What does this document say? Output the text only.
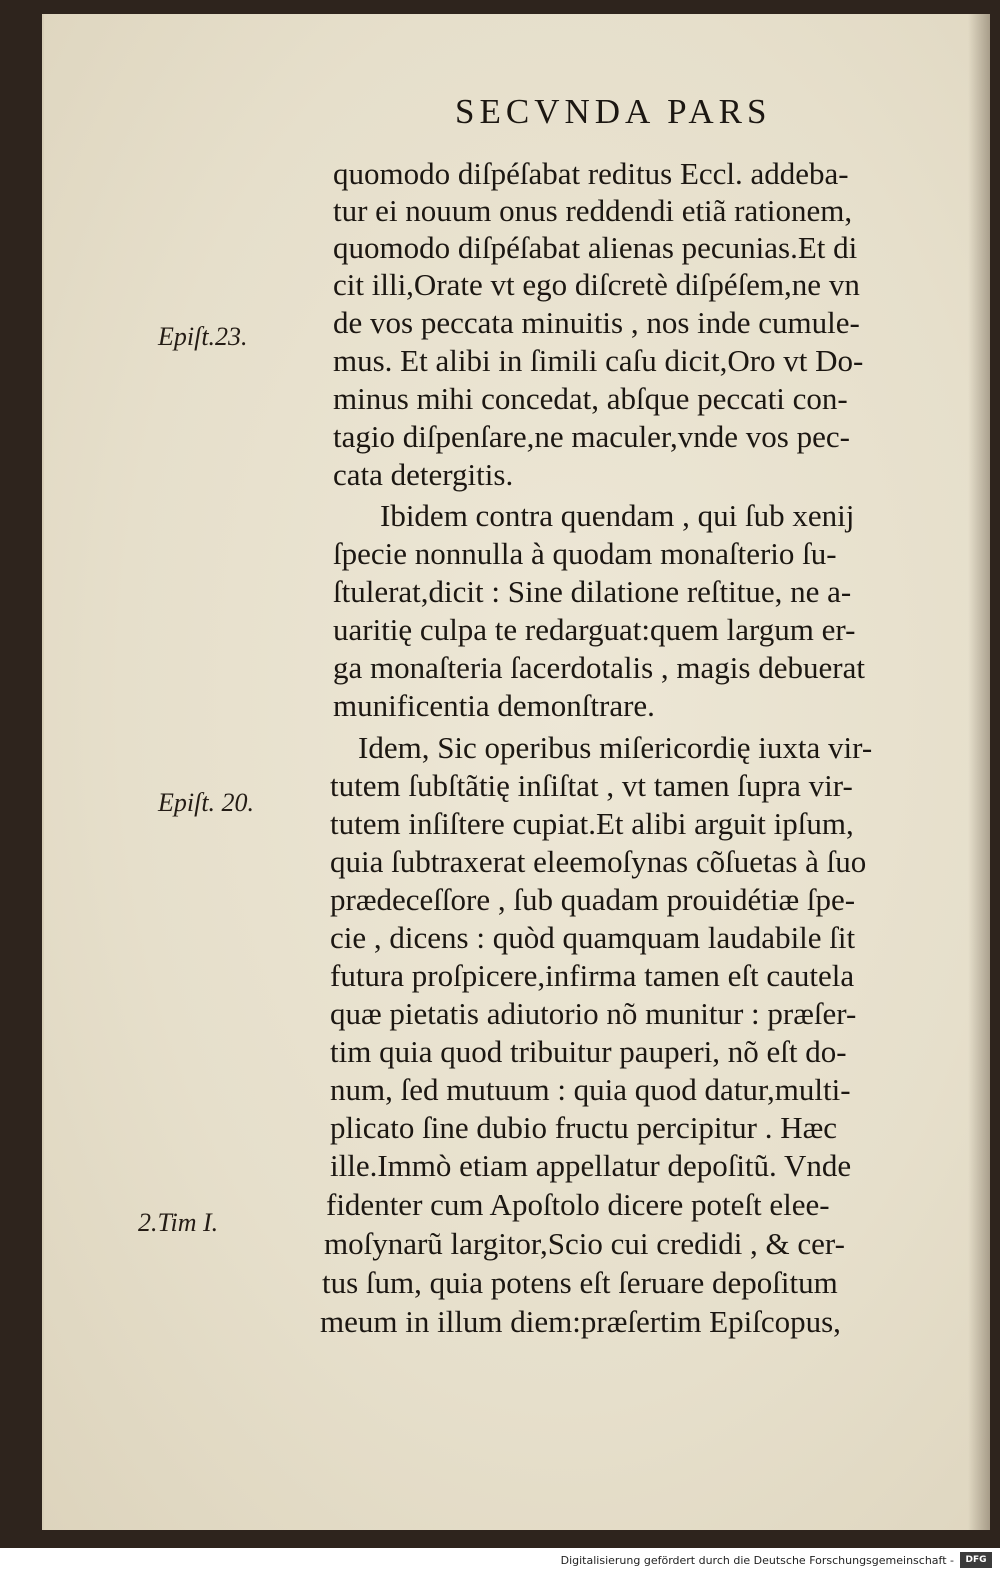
SECVNDA PARS
quomodo diſpéſabat reditus Eccl. addeba-
tur ei nouum onus reddendi etiã rationem,
quomodo diſpéſabat alienas pecunias.Et di
cit illi,Orate vt ego diſcretè diſpéſem,ne vn
de vos peccata minuitis , nos inde cumule-
mus. Et alibi in ſimili caſu dicit,Oro vt Do-
minus mihi concedat, abſque peccati con-
tagio diſpenſare,ne maculer,vnde vos pec-
cata detergitis.
Ibidem contra quendam , qui ſub xenij
ſpecie nonnulla à quodam monaſterio ſu-
ſtulerat,dicit : Sine dilatione reſtitue, ne a-
uaritię culpa te redarguat:quem largum er-
ga monaſteria ſacerdotalis , magis debuerat
munificentia demonſtrare.
Idem, Sic operibus miſericordię iuxta vir-
tutem ſubſtãtię inſiſtat , vt tamen ſupra vir-
tutem inſiſtere cupiat.Et alibi arguit ipſum,
quia ſubtraxerat eleemoſynas cõſuetas à ſuo
prædeceſſore , ſub quadam prouidétiæ ſpe-
cie , dicens : quòd quamquam laudabile ſit
futura proſpicere,infirma tamen eſt cautela
quæ pietatis adiutorio nõ munitur : præſer-
tim quia quod tribuitur pauperi, nõ eſt do-
num, ſed mutuum : quia quod datur,multi-
plicato ſine dubio fructu percipitur . Hæc
ille.Immò etiam appellatur depoſitũ. Vnde
fidenter cum Apoſtolo dicere poteſt elee-
moſynarũ largitor,Scio cui credidi , & cer-
tus ſum, quia potens eſt ſeruare depoſitum
meum in illum diem:præſertim Epiſcopus,
Epiſt.23.
Epiſt. 20.
2.Tim I.
Digitalisierung gefördert durch die Deutsche Forschungsgemeinschaft -	DFG
